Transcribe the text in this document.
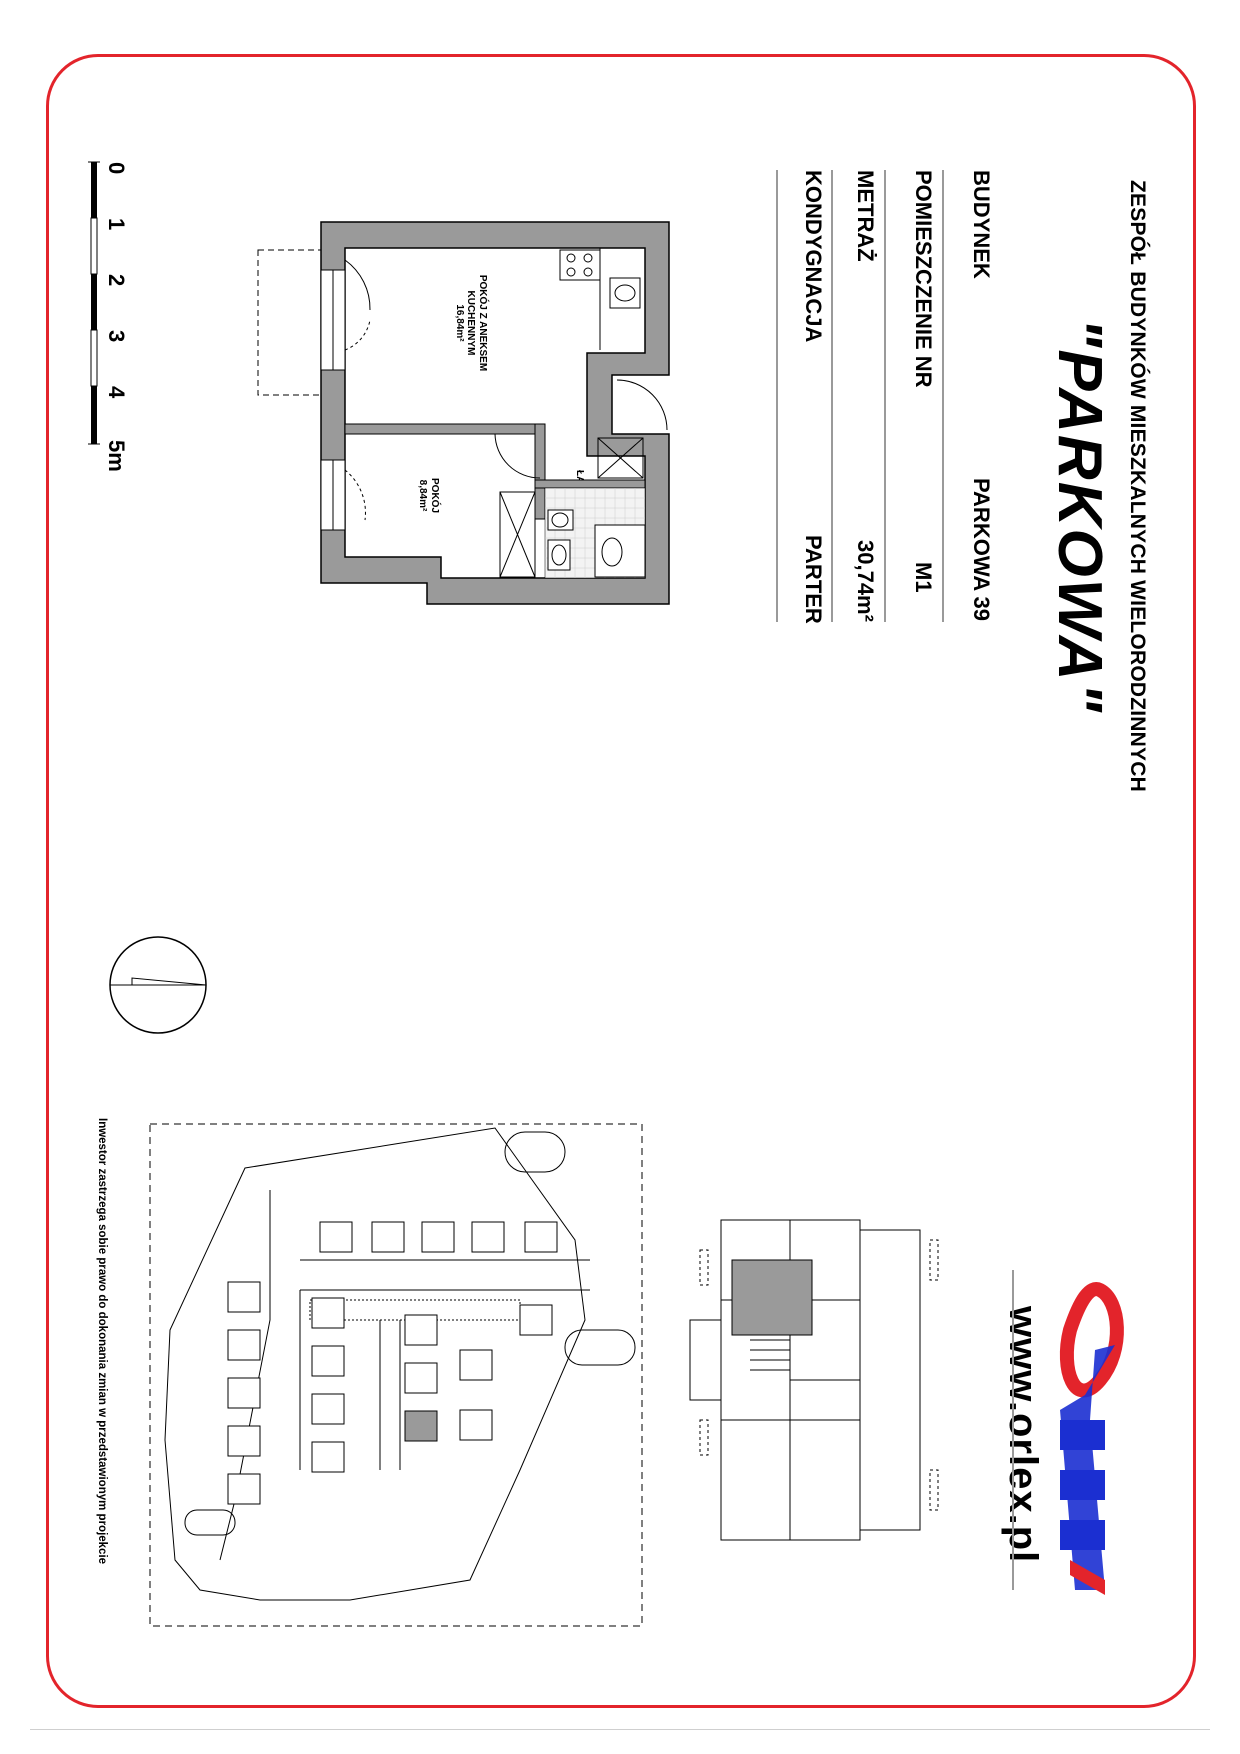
ZESPÓŁ BUDYNKÓW MIESZKALNYCH WIELORODZINNYCH
"PARKOWA"
BUDYNEK
PARKOWA 39
POMIESZCZENIE NR
M1
METRAŻ
30,74m²
KONDYGNACJA
PARTER
www.orlex.pl
0
1
2
3
4
5m
Inwestor zastrzega sobie prawo do dokonania zmian w przedstawionym projekcie
POKÓJ Z ANEKSEM KUCHENNYM
16,84m²
POKÓJ
8,84m²
